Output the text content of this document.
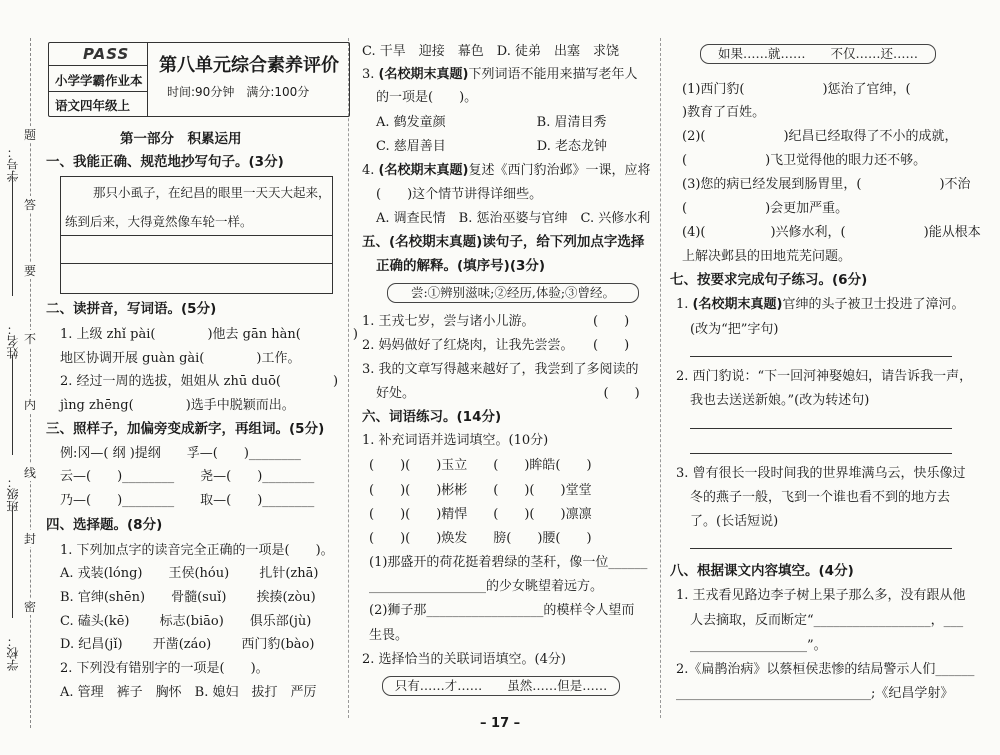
学号：
姓名：
班级：
学校：
题
答
要
不
内
线
封
密
PASS
小学学霸作业本
语文四年级上
第八单元综合素养评价
时间:90分钟　满分:100分
尝:①辨别滋味;②经历,体验;③曾经。
只有……才……　　虽然……但是……
如果……就……　　不仅……还……
第一部分　积累运用
一、我能正确、规范地抄写句子。(3分)
那只小虱子，在纪昌的眼里一天天大起来，
练到后来，大得竟然像车轮一样。
二、读拼音，写词语。(5分)
1. 上级 zhǐ pài(　　　　)他去 gān hàn(　　　　)
地区协调开展 guàn gài(　　　　)工作。
2. 经过一周的选拔，姐姐从 zhū duō(　　　　)
jìng zhēng(　　　　)选手中脱颖而出。
三、照样子，加偏旁变成新字，再组词。(5分)
例:冈—( 纲 )提纲　　孚—(　　)________
云—(　　)________　　尧—(　　)________
乃—(　　)________　　取—(　　)________
四、选择题。(8分)
1. 下列加点字的读音完全正确的一项是(　　)。
A. 戎装(lóng)　　王侯(hóu)　　 扎针(zhā)
B. 官绅(shēn)　　骨髓(suǐ)　　 挨揍(zòu)
C. 磕头(kē)　　 标志(biāo)　　俱乐部(jù)
D. 纪昌(jǐ)　　 开凿(záo)　　 西门豹(bào)
2. 下列没有错别字的一项是(　　)。
A. 管理　裤子　胸怀　B. 媳妇　拔打　严厉
C. 干旱　迎接　幕色　D. 徒弟　出塞　求饶
3. (名校期末真题)下列词语不能用来描写老年人
的一项是(　　)。
A. 鹤发童颜　　　　　　　B. 眉清目秀
C. 慈眉善目　　　　　　　D. 老态龙钟
4. (名校期末真题)复述《西门豹治邺》一课，应将
(　　)这个情节讲得详细些。
A. 调查民情　B. 惩治巫婆与官绅　C. 兴修水利
五、(名校期末真题)读句子，给下列加点字选择
正确的解释。(填序号)(3分)
1. 王戎七岁，尝与诸小儿游。　　　　　(　　)
2. 妈妈做好了红烧肉，让我先尝尝。　　(　　)
3. 我的文章写得越来越好了，我尝到了多阅读的
好处。　　　　　　　　　　　　　　　(　　)
六、词语练习。(14分)
1. 补充词语并选词填空。(10分)
(　　)(　　)玉立　　(　　)眸皓(　　)
(　　)(　　)彬彬　　(　　)(　　)堂堂
(　　)(　　)精悍　　(　　)(　　)凛凛
(　　)(　　)焕发　　膀(　　)腰(　　)
(1)那盛开的荷花挺着碧绿的茎秆，像一位______
__________________的少女眺望着远方。
(2)狮子那__________________的模样令人望而
生畏。
2. 选择恰当的关联词语填空。(4分)
(1)西门豹(　　　　　　)惩治了官绅，(　　　　
)教育了百姓。
(2)(　　　　　　)纪昌已经取得了不小的成就，
(　　　　　　)飞卫觉得他的眼力还不够。
(3)您的病已经发展到肠胃里，(　　　　　　)不治
(　　　　　　)会更加严重。
(4)(　　　　　)兴修水利，(　　　　　　)能从根本
上解决邺县的田地荒芜问题。
七、按要求完成句子练习。(6分)
1. (名校期末真题)官绅的头子被卫士投进了漳河。
(改为“把”字句)
2. 西门豹说：“下一回河神娶媳妇，请告诉我一声，
我也去送送新娘。”(改为转述句)
3. 曾有很长一段时间我的世界堆满乌云，快乐像过
冬的燕子一般，飞到一个谁也看不到的地方去
了。(长话短说)
八、根据课文内容填空。(4分)
1. 王戎看见路边李子树上果子那么多，没有跟从他
人去摘取，反而断定“__________________，___
__________________”。
2.《扁鹊治病》以蔡桓侯悲惨的结局警示人们______
______________________________;《纪昌学射》
– 17 –
